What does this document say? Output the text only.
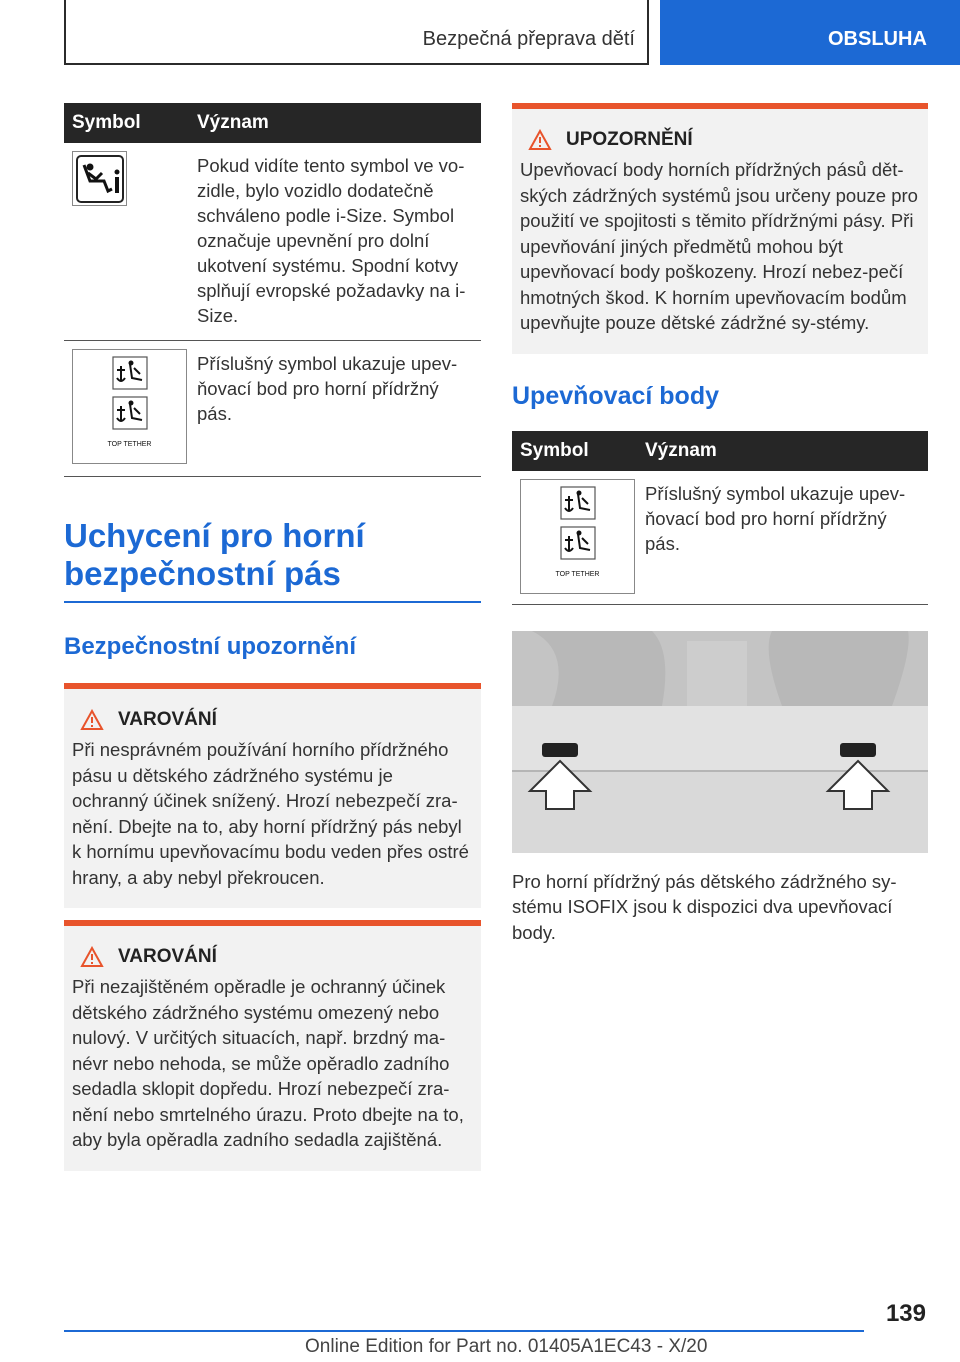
Bezpečná přeprava dětí	OBSLUHA
Symbol	Význam

	Pokud vidíte tento symbol ve vo-zidle, bylo vozidlo dodatečně schváleno podle i-Size. Symbol označuje upevnění pro dolní ukotvení systému. Spodní kotvy splňují evropské požadavky na i-Size.

TOP TETHER	Příslušný symbol ukazuje upev-ňovací bod pro horní přídržný pás.
Uchycení pro horní bezpečnostní pás
Bezpečnostní upozornění
VAROVÁNÍ
Při nesprávném používání horního přídržného pásu u dětského zádržného systému je ochranný účinek snížený. Hrozí nebezpečí zra-nění. Dbejte na to, aby horní přídržný pás nebyl k hornímu upevňovacímu bodu veden přes ostré hrany, a aby nebyl překroucen.
VAROVÁNÍ
Při nezajištěném opěradle je ochranný účinek dětského zádržného systému omezený nebo nulový. V určitých situacích, např. brzdný ma-névr nebo nehoda, se může opěradlo zadního sedadla sklopit dopředu. Hrozí nebezpečí zra-nění nebo smrtelného úrazu. Proto dbejte na to, aby byla opěradla zadního sedadla zajištěná.
UPOZORNĚNÍ
Upevňovací body horních přídržných pásů dět-ských zádržných systémů jsou určeny pouze pro použití ve spojitosti s těmito přídržnými pásy. Při upevňování jiných předmětů mohou být upevňovací body poškozeny. Hrozí nebez-pečí hmotných škod. K horním upevňovacím bodům upevňujte pouze dětské zádržné sy-stémy.
Upevňovací body
Symbol	Význam

TOP TETHER	Příslušný symbol ukazuje upev-ňovací bod pro horní přídržný pás.
Pro horní přídržný pás dětského zádržného sy-stému ISOFIX jsou k dispozici dva upevňovací body.
139
Online Edition for Part no. 01405A1EC43 - X/20
